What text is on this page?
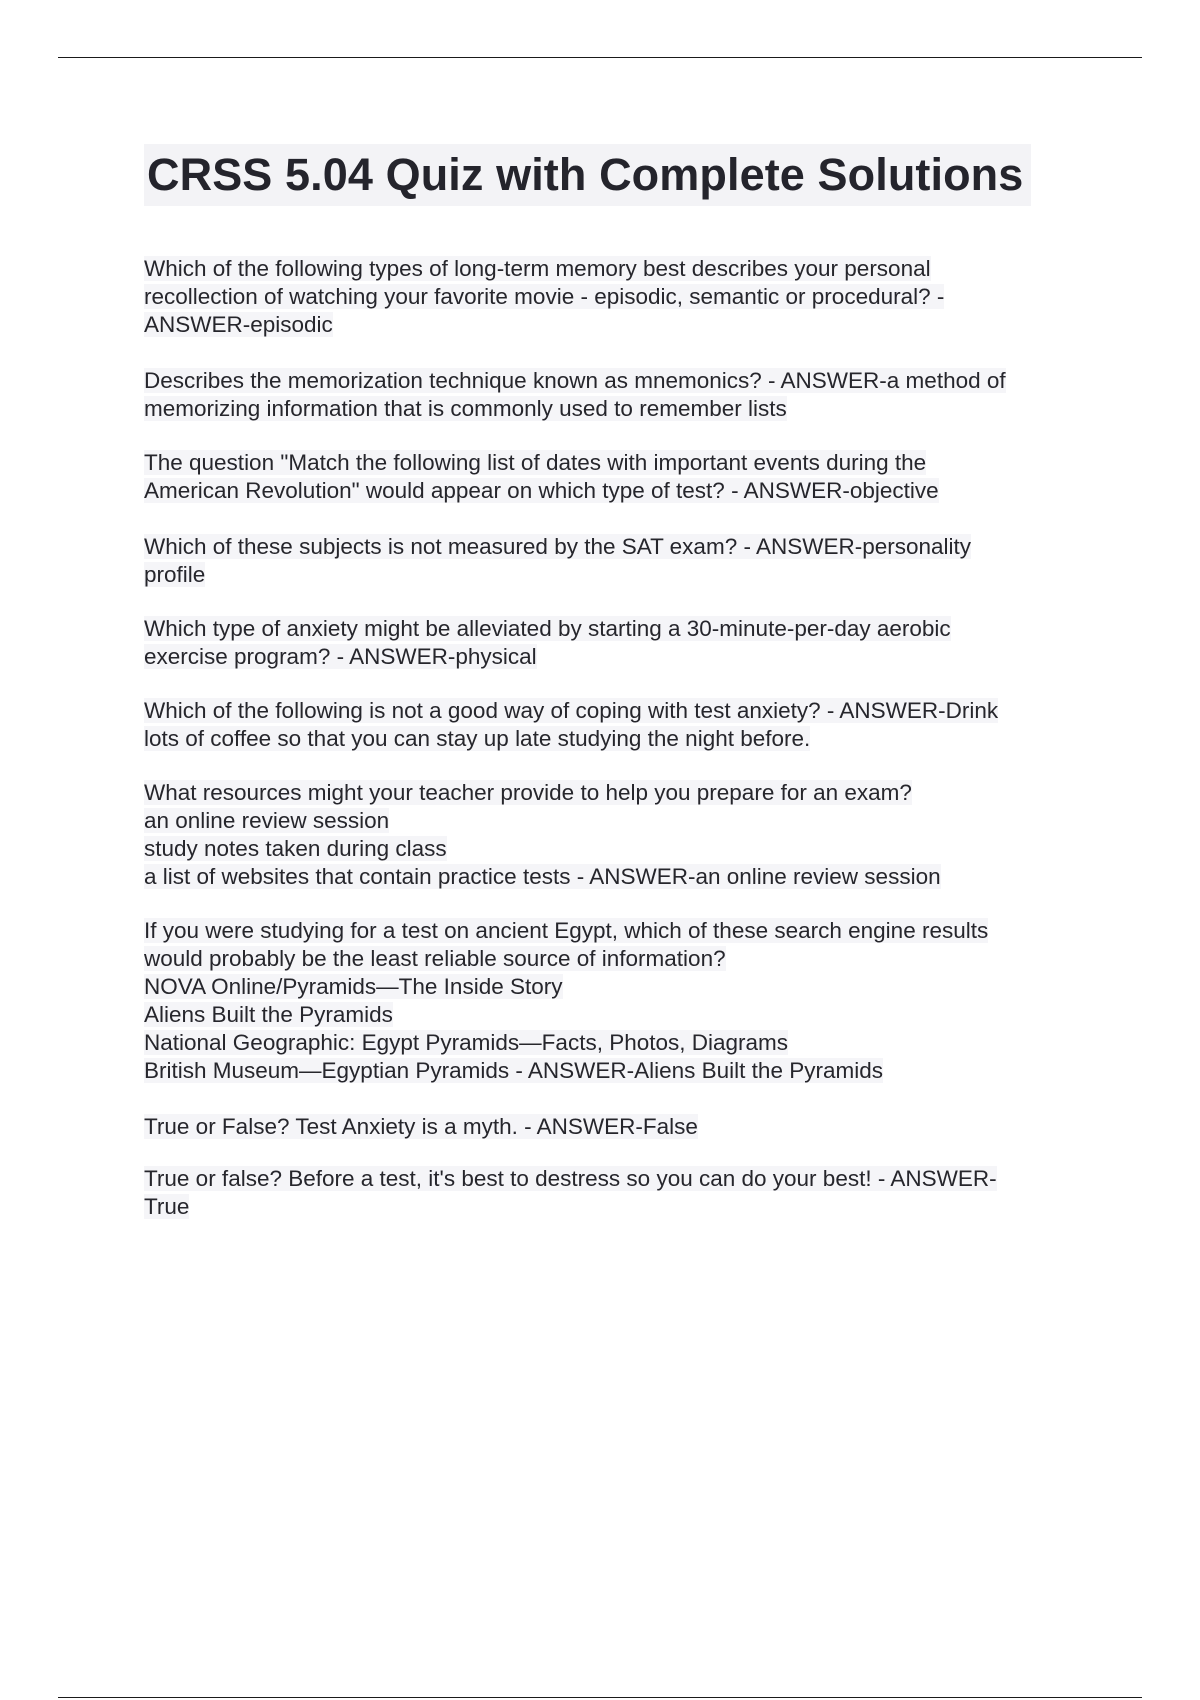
CRSS 5.04 Quiz with Complete Solutions
Which of the following types of long-term memory best describes your personal
recollection of watching your favorite movie - episodic, semantic or procedural? -
ANSWER-episodic
Describes the memorization technique known as mnemonics? - ANSWER-a method of
memorizing information that is commonly used to remember lists
The question "Match the following list of dates with important events during the
American Revolution" would appear on which type of test? - ANSWER-objective
Which of these subjects is not measured by the SAT exam? - ANSWER-personality
profile
Which type of anxiety might be alleviated by starting a 30-minute-per-day aerobic
exercise program? - ANSWER-physical
Which of the following is not a good way of coping with test anxiety? - ANSWER-Drink
lots of coffee so that you can stay up late studying the night before.
What resources might your teacher provide to help you prepare for an exam?
an online review session
study notes taken during class
a list of websites that contain practice tests - ANSWER-an online review session
If you were studying for a test on ancient Egypt, which of these search engine results
would probably be the least reliable source of information?
NOVA Online/Pyramids—The Inside Story
Aliens Built the Pyramids
National Geographic: Egypt Pyramids—Facts, Photos, Diagrams
British Museum—Egyptian Pyramids - ANSWER-Aliens Built the Pyramids
True or False? Test Anxiety is a myth. - ANSWER-False
True or false? Before a test, it's best to destress so you can do your best! - ANSWER-
True
